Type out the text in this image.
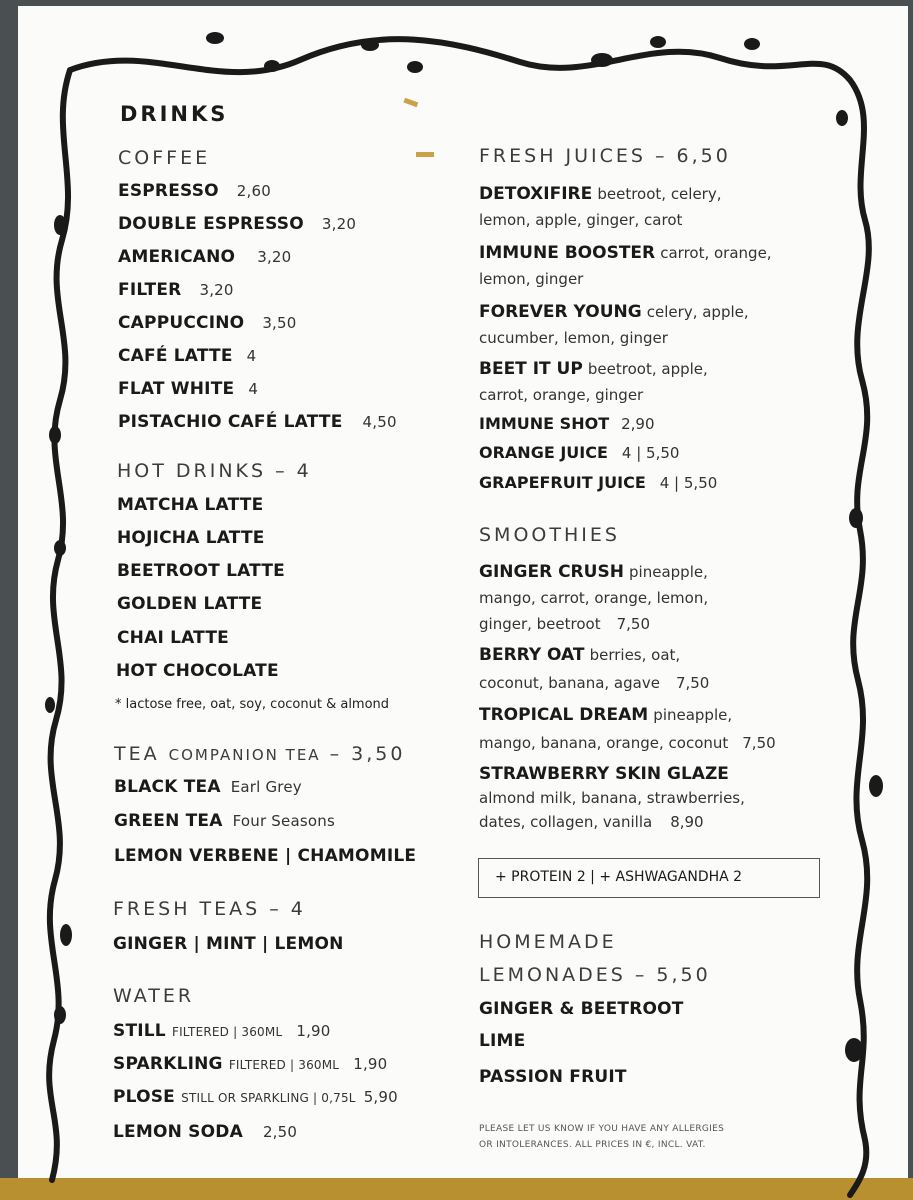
DRINKS
COFFEE
ESPRESSO 2,60
DOUBLE ESPRESSO 3,20
AMERICANO 3,20
FILTER 3,20
CAPPUCCINO 3,50
CAFÉ LATTE 4
FLAT WHITE 4
PISTACHIO CAFÉ LATTE 4,50
HOT DRINKS – 4
MATCHA LATTE
HOJICHA LATTE
BEETROOT LATTE
GOLDEN LATTE
CHAI LATTE
HOT CHOCOLATE
* lactose free, oat, soy, coconut & almond
TEA COMPANION TEA – 3,50
BLACK TEA Earl Grey
GREEN TEA Four Seasons
LEMON VERBENE | CHAMOMILE
FRESH TEAS – 4
GINGER | MINT | LEMON
WATER
STILL FILTERED | 360ML 1,90
SPARKLING FILTERED | 360ML 1,90
PLOSE STILL OR SPARKLING | 0,75L 5,90
LEMON SODA 2,50
FRESH JUICES – 6,50
DETOXIFIRE beetroot, celery,
lemon, apple, ginger, carot
IMMUNE BOOSTER carrot, orange,
lemon, ginger
FOREVER YOUNG celery, apple,
cucumber, lemon, ginger
BEET IT UP beetroot, apple,
carrot, orange, ginger
IMMUNE SHOT 2,90
ORANGE JUICE 4 | 5,50
GRAPEFRUIT JUICE 4 | 5,50
SMOOTHIES
GINGER CRUSH pineapple,
mango, carrot, orange, lemon,
ginger, beetroot 7,50
BERRY OAT berries, oat,
coconut, banana, agave 7,50
TROPICAL DREAM pineapple,
mango, banana, orange, coconut 7,50
STRAWBERRY SKIN GLAZE
almond milk, banana, strawberries,
dates, collagen, vanilla 8,90
+ PROTEIN 2 | + ASHWAGANDHA 2
HOMEMADE
LEMONADES – 5,50
GINGER & BEETROOT
LIME
PASSION FRUIT
PLEASE LET US KNOW IF YOU HAVE ANY ALLERGIES
OR INTOLERANCES. ALL PRICES IN €, INCL. VAT.
